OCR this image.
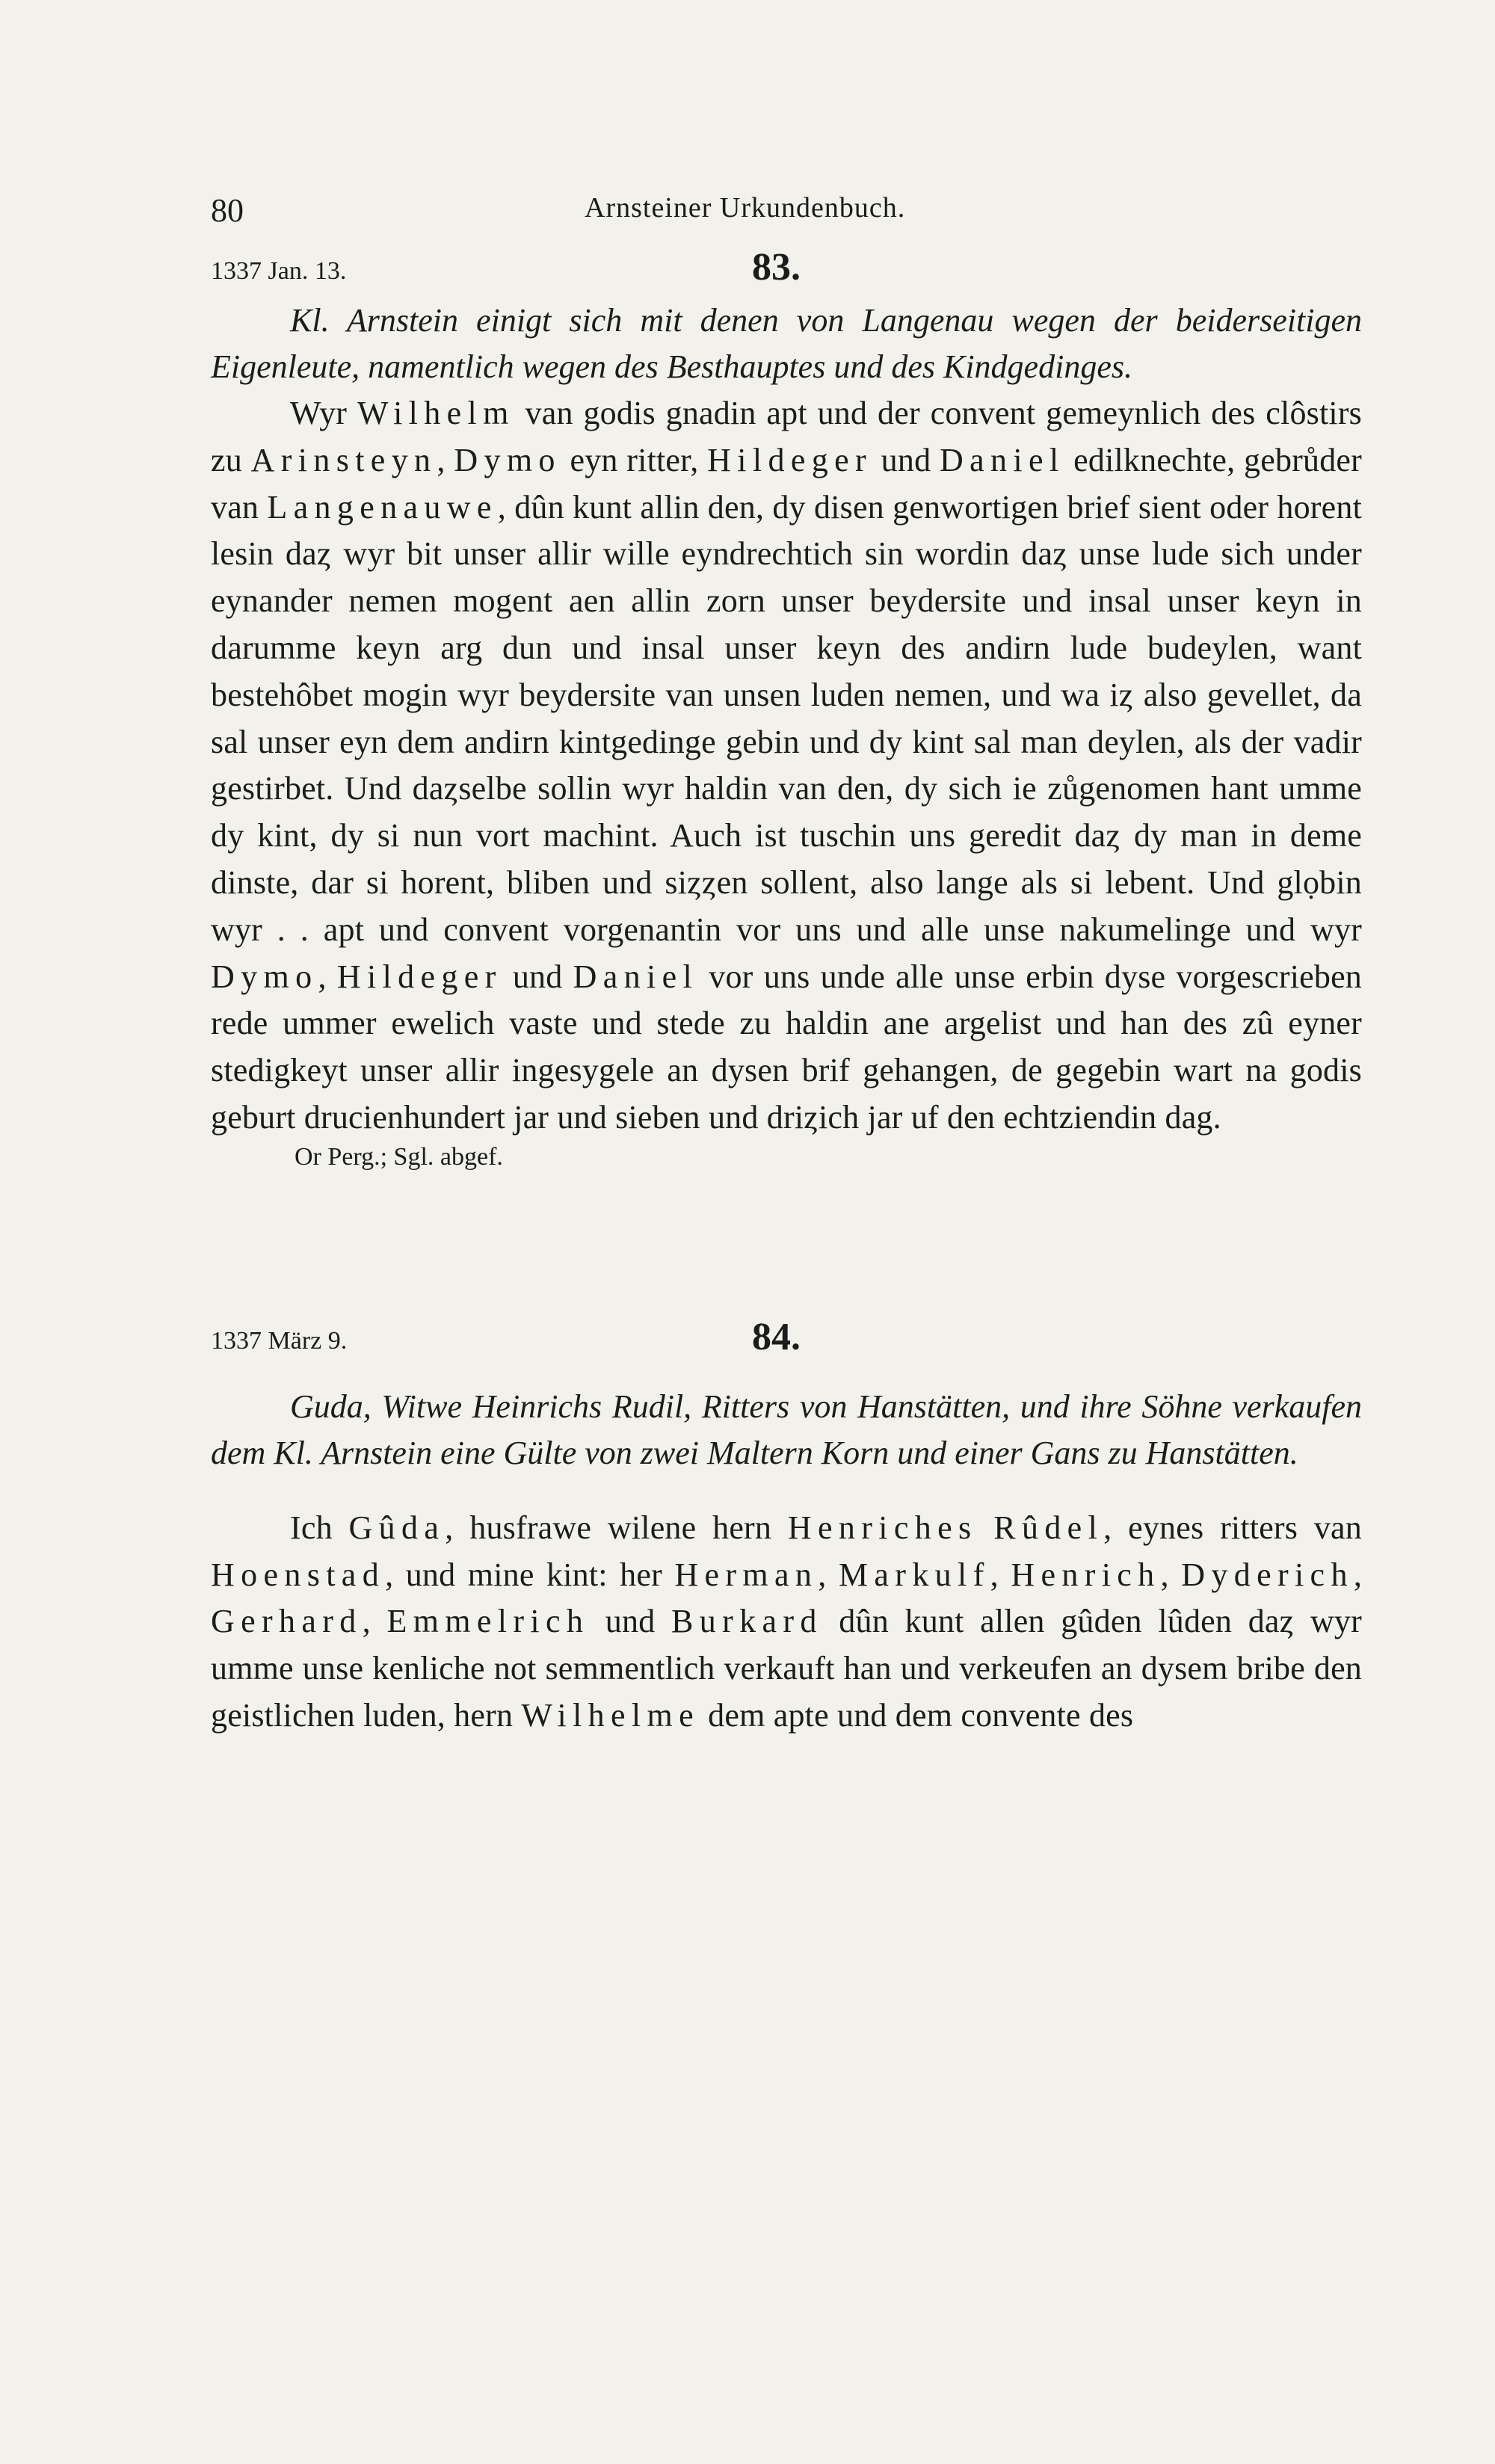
80	Arnsteiner Urkundenbuch.
1337 Jan. 13.	83.

Kl. Arnstein einigt sich mit denen von Langenau wegen der beiderseitigen Eigenleute, namentlich wegen des Besthauptes und des Kindgedinges.

Wyr Wilhelm van godis gnadin apt und der convent gemeynlich des clôstirs zu Arinsteyn, Dymo eyn ritter, Hildeger und Daniel edilknechte, gebrůder van Langenauwe, dûn kunt allin den, dy disen genwortigen brief sient oder horent lesin daȥ wyr bit unser allir wille eyndrechtich sin wordin daȥ unse lude sich under eynander nemen mogent aen allin zorn unser beydersite und insal unser keyn in darumme keyn arg dun und insal unser keyn des andirn lude budeylen, want bestehôbet mogin wyr beydersite van unsen luden nemen, und wa iȥ also gevellet, da sal unser eyn dem andirn kintgedinge gebin und dy kint sal man deylen, als der vadir gestirbet. Und daȥselbe sollin wyr haldin van den, dy sich ie zůgenomen hant umme dy kint, dy si nun vort machint. Auch ist tuschin uns geredit daȥ dy man in deme dinste, dar si horent, bliben und siȥȥen sollent, also lange als si lebent. Und glọbin wyr . . apt und convent vorgenantin vor uns und alle unse nakumelinge und wyr Dymo, Hildeger und Daniel vor uns unde alle unse erbin dyse vorgescrieben rede ummer ewelich vaste und stede zu haldin ane argelist und han des zû eyner stedigkeyt unser allir ingesygele an dysen brif gehangen, de gegebin wart na godis geburt drucienhundert jar und sieben und driȥich jar uf den echtziendin dag.

Or Perg.; Sgl. abgef.
1337 März 9.	84.

Guda, Witwe Heinrichs Rudil, Ritters von Hanstätten, und ihre Söhne verkaufen dem Kl. Arnstein eine Gülte von zwei Maltern Korn und einer Gans zu Hanstätten.

Ich Gûda, husfrawe wilene hern Henriches Rûdel, eynes ritters van Hoenstad, und mine kint: her Herman, Markulf, Henrich, Dyderich, Gerhard, Emmelrich und Burkard dûn kunt allen gûden lûden daȥ wyr umme unse kenliche not semmentlich verkauft han und verkeufen an dysem bribe den geistlichen luden, hern Wilhelme dem apte und dem convente des
